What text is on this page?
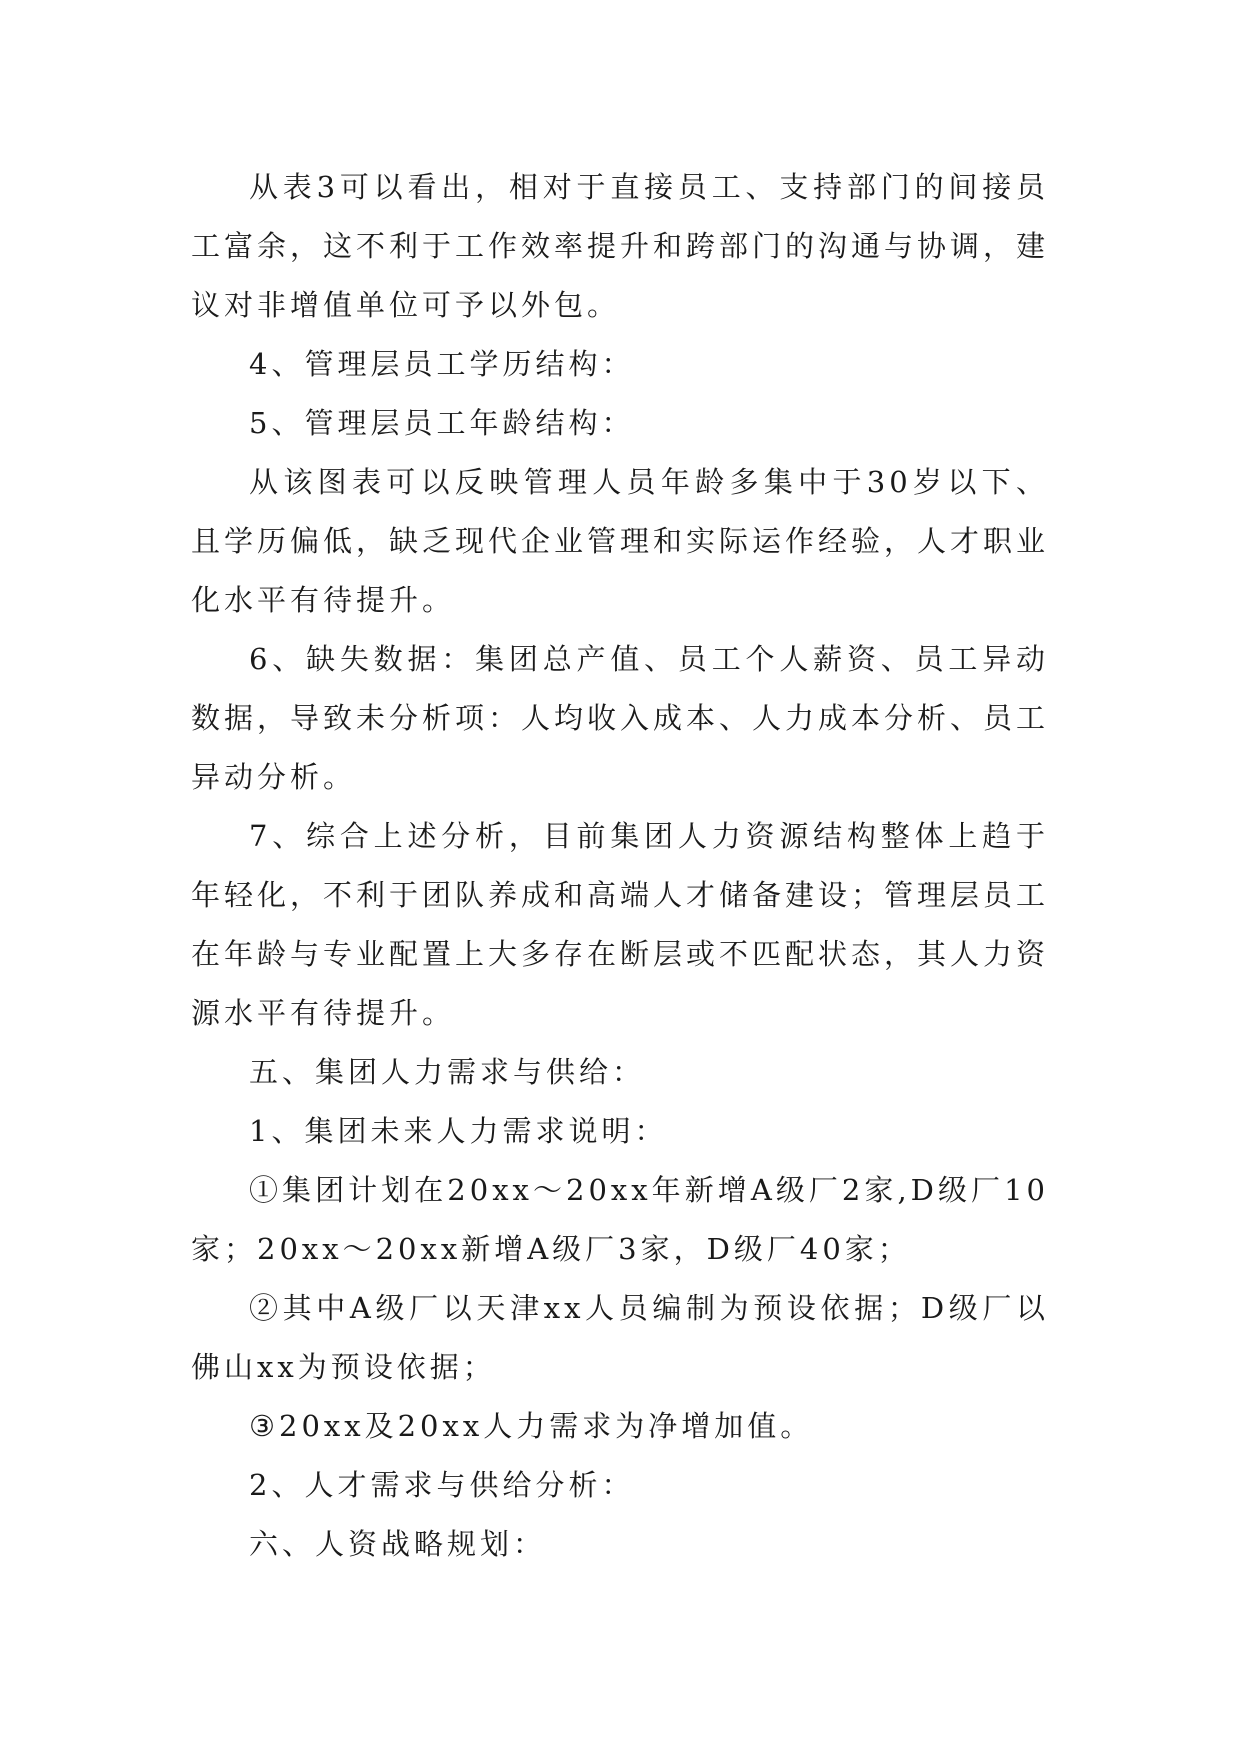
从表3可以看出，相对于直接员工、支持部门的间接员工富余，这不利于工作效率提升和跨部门的沟通与协调，建议对非增值单位可予以外包。

4、管理层员工学历结构：

5、管理层员工年龄结构：

从该图表可以反映管理人员年龄多集中于30岁以下、且学历偏低，缺乏现代企业管理和实际运作经验，人才职业化水平有待提升。

6、缺失数据：集团总产值、员工个人薪资、员工异动数据，导致未分析项：人均收入成本、人力成本分析、员工异动分析。

7、综合上述分析，目前集团人力资源结构整体上趋于年轻化，不利于团队养成和高端人才储备建设；管理层员工在年龄与专业配置上大多存在断层或不匹配状态，其人力资源水平有待提升。

五、集团人力需求与供给：

1、集团未来人力需求说明：

①集团计划在20xx～20xx年新增A级厂2家,D级厂10家；20xx～20xx新增A级厂3家，D级厂40家；

②其中A级厂以天津xx人员编制为预设依据；D级厂以佛山xx为预设依据；

③20xx及20xx人力需求为净增加值。

2、人才需求与供给分析：

六、人资战略规划：
